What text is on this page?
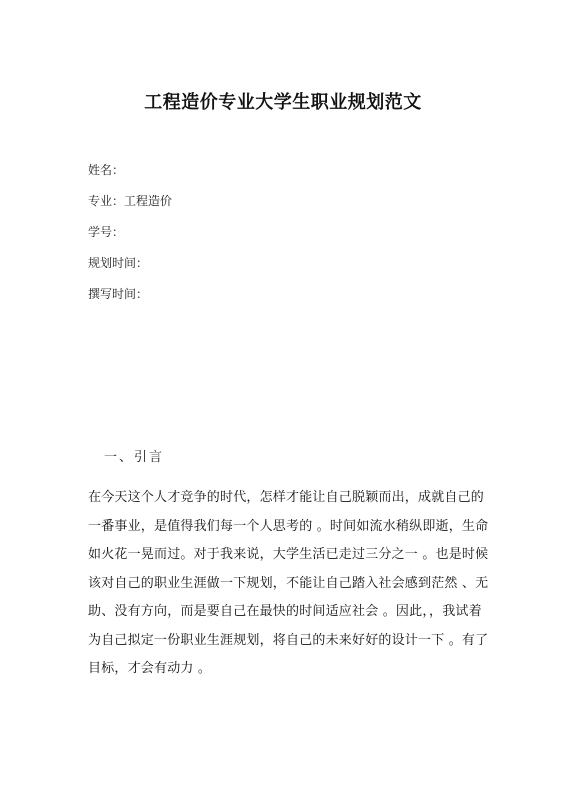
工程造价专业大学生职业规划范文
姓名：
专业：工程造价
学号：
规划时间：
撰写时间：
一、引言
在今天这个人才竞争的时代，怎样才能让自己脱颖而出，成就自己的
一番事业，是值得我们每一个人思考的 。时间如流水稍纵即逝，生命
如火花一晃而过。对于我来说，大学生活已走过三分之一 。也是时候
该对自己的职业生涯做一下规划，不能让自己踏入社会感到茫然 、无
助、没有方向，而是要自己在最快的时间适应社会 。因此，，我试着
为自己拟定一份职业生涯规划，将自己的未来好好的设计一下 。有了
目标，才会有动力 。
